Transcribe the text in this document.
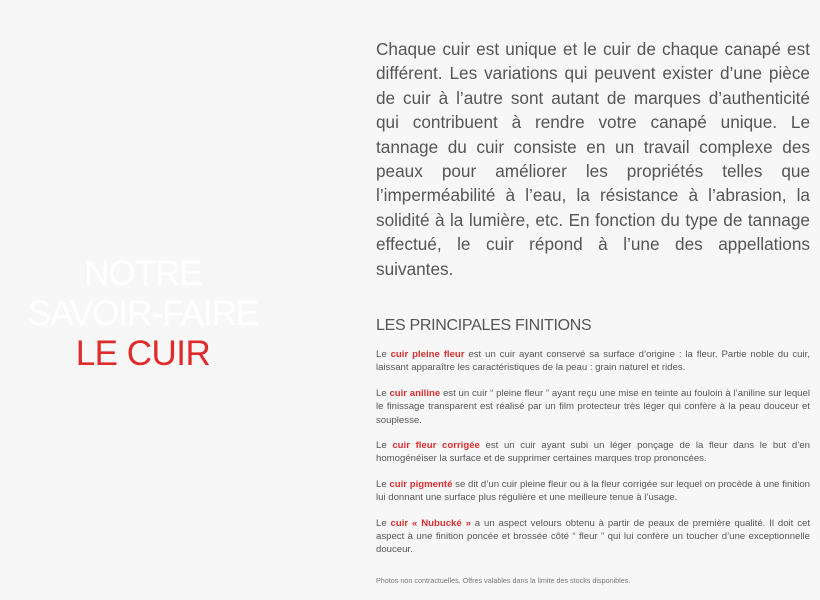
NOTRE
SAVOIR-FAIRE
LE CUIR

Chaque cuir est unique et le cuir de chaque canapé est différent. Les variations qui peuvent exister d’une pièce de cuir à l’autre sont autant de marques d’authenticité qui contribuent à rendre votre canapé unique. Le tannage du cuir consiste en un travail complexe des peaux pour améliorer les propriétés telles que l’imperméabilité à l’eau, la résistance à l’abrasion, la solidité à la lumière, etc. En fonction du type de tannage effectué, le cuir répond à l’une des appellations suivantes.

LES PRINCIPALES FINITIONS
Le cuir pleine fleur est un cuir ayant conservé sa surface d’origine : la fleur. Partie noble du cuir, laissant apparaître les caractéristiques de la peau : grain naturel et rides.
Le cuir aniline est un cuir “ pleine fleur ” ayant reçu une mise en teinte au fouloin à l’aniline sur lequel le finissage transparent est réalisé par un film protecteur très léger qui confère à la peau douceur et souplesse.
Le cuir fleur corrigée est un cuir ayant subi un léger ponçage de la fleur dans le but d’en homogénéiser la surface et de supprimer certaines marques trop prononcées.
Le cuir pigmenté se dit d’un cuir pleine fleur ou à la fleur corrigée sur lequel on procède à une finition lui donnant une surface plus régulière et une meilleure tenue à l’usage.
Le cuir « Nubucké » a un aspect velours obtenu à partir de peaux de première qualité. Il doit cet aspect à une finition poncée et brossée côté “ fleur ” qui lui confère un toucher d’une exceptionnelle douceur.

Photos non contractuelles. Offres valables dans la limite des stocks disponibles.
